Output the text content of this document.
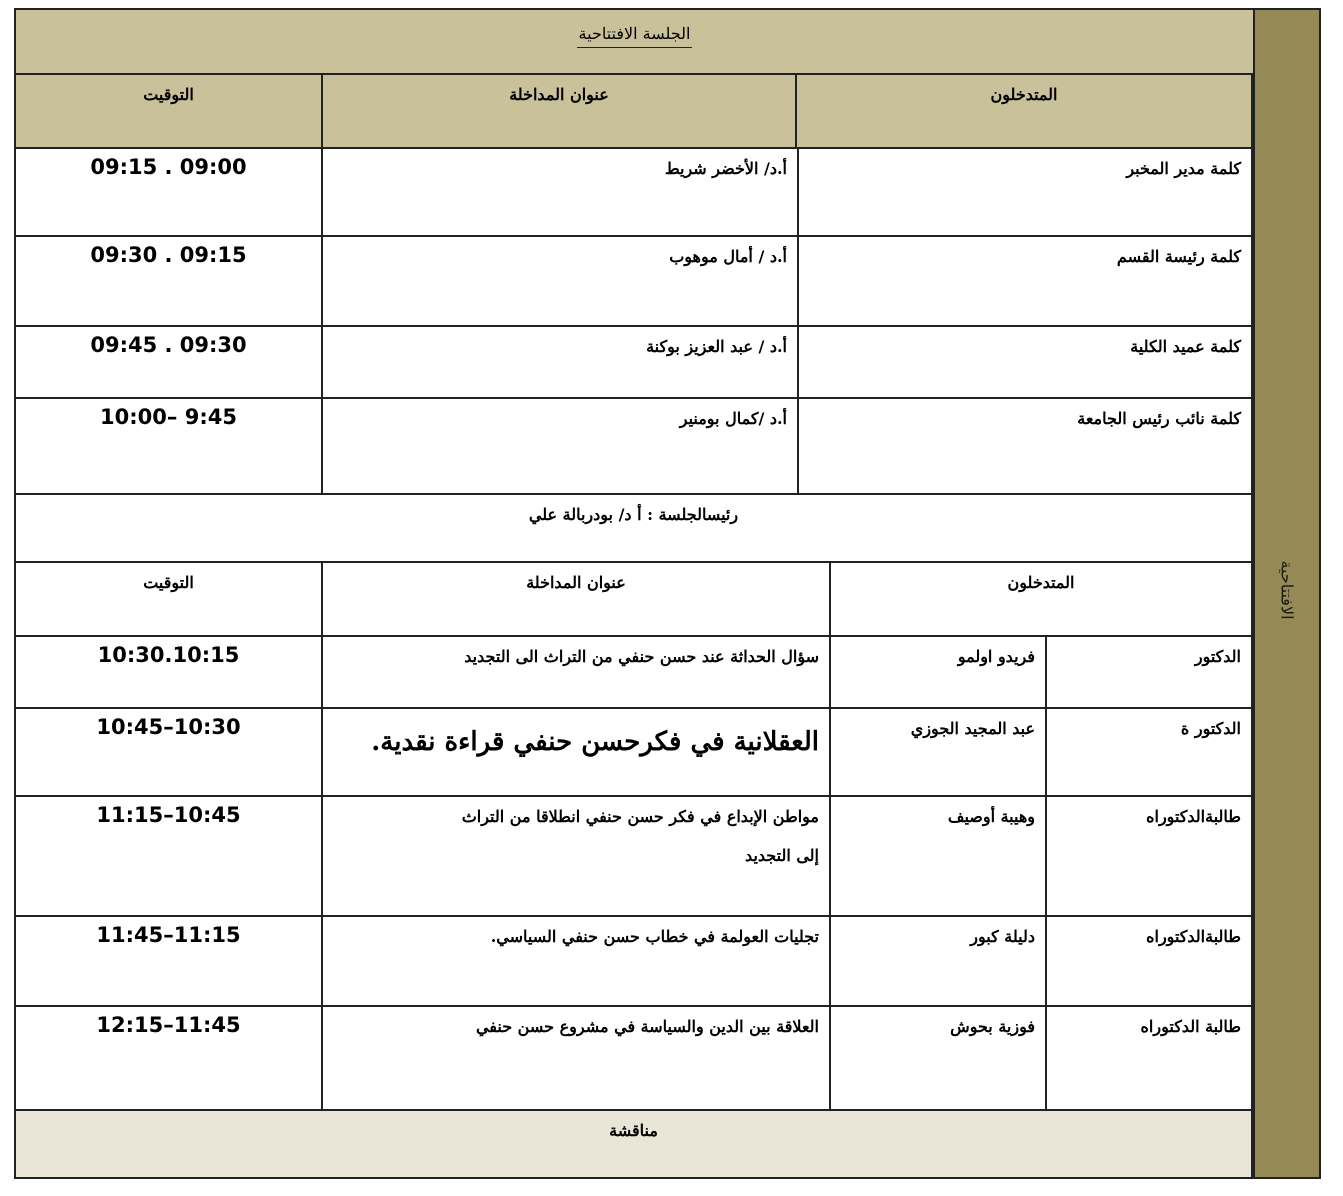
الافتتاحية
الجلسة الافتتاحية
المتدخلون
عنوان المداخلة
التوقيت
كلمة مدير المخبر
أ.د/ الأخضر شريط
09:15 . 09:00
كلمة رئيسة القسم
أ.د / أمال موهوب
09:30 . 09:15
كلمة عميد الكلية
أ.د / عبد العزيز بوكنة
09:45 . 09:30
كلمة نائب رئيس الجامعة
أ.د /كمال بومنير
10:00– 9:45
رئيسالجلسة : أ د/ بودربالة علي
المتدخلون
عنوان المداخلة
التوقيت
الدكتور
فريدو اولمو
سؤال الحداثة عند حسن حنفي من التراث الى التجديد
10:30.10:15
الدكتور ة
عبد المجيد الجوزي
العقلانية في فكرحسن حنفي قراءة نقدية.
10:45–10:30
طالبةالدكتوراه
وهيبة أوصيف
مواطن الإبداع في فكر حسن حنفي انطلاقا من التراث
إلى التجديد
11:15–10:45
طالبةالدكتوراه
دليلة كبور
تجليات العولمة في خطاب حسن حنفي السياسي.
11:45–11:15
طالبة الدكتوراه
فوزية بحوش
العلاقة بين الدين والسياسة في مشروع حسن حنفي
12:15–11:45
مناقشة
